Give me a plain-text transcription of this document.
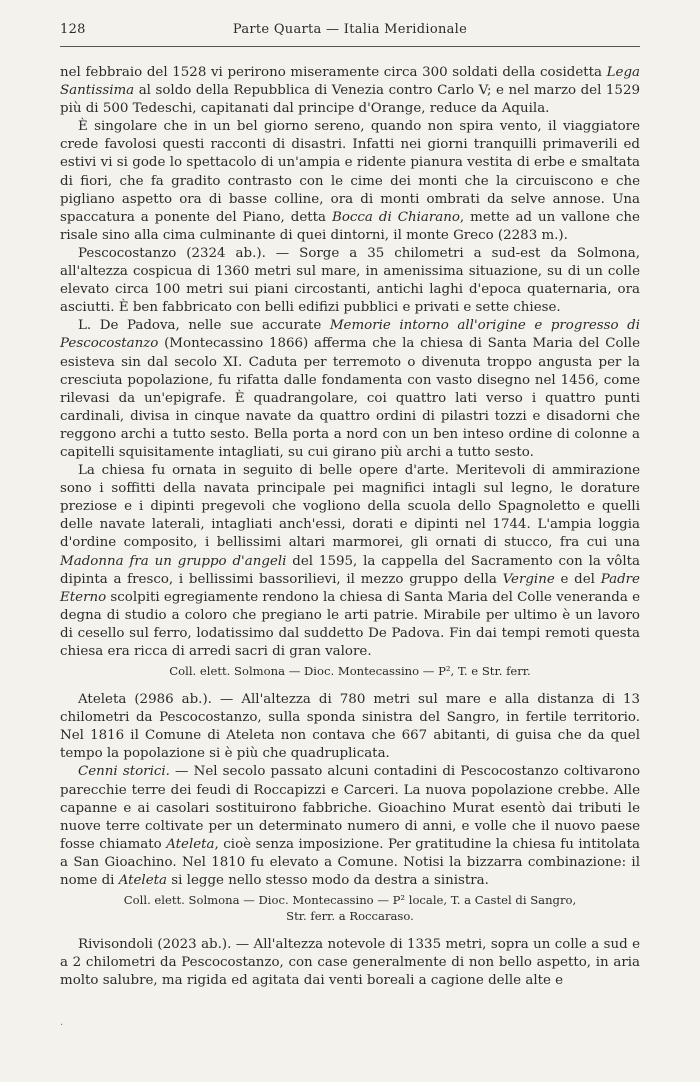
128	Parte Quarta — Italia Meridionale

nel febbraio del 1528 vi perirono miseramente circa 300 soldati della cosidetta Lega Santissima al soldo della Repubblica di Venezia contro Carlo V; e nel marzo del 1529 più di 500 Tedeschi, capitanati dal principe d'Orange, reduce da Aquila.

È singolare che in un bel giorno sereno, quando non spira vento, il viaggiatore crede favolosi questi racconti di disastri. Infatti nei giorni tranquilli primaverili ed estivi vi si gode lo spettacolo di un'ampia e ridente pianura vestita di erbe e smaltata di fiori, che fa gradito contrasto con le cime dei monti che la circuiscono e che pigliano aspetto ora di basse colline, ora di monti ombrati da selve annose. Una spaccatura a ponente del Piano, detta Bocca di Chiarano, mette ad un vallone che risale sino alla cima culminante di quei dintorni, il monte Greco (2283 m.).

Pescocostanzo (2324 ab.). — Sorge a 35 chilometri a sud-est da Solmona, all'altezza cospicua di 1360 metri sul mare, in amenissima situazione, su di un colle elevato circa 100 metri sui piani circostanti, antichi laghi d'epoca quaternaria, ora asciutti. È ben fabbricato con belli edifizi pubblici e privati e sette chiese.

L. De Padova, nelle sue accurate Memorie intorno all'origine e progresso di Pescocostanzo (Montecassino 1866) afferma che la chiesa di Santa Maria del Colle esisteva sin dal secolo XI. Caduta per terremoto o divenuta troppo angusta per la cresciuta popolazione, fu rifatta dalle fondamenta con vasto disegno nel 1456, come rilevasi da un'epigrafe. È quadrangolare, coi quattro lati verso i quattro punti cardinali, divisa in cinque navate da quattro ordini di pilastri tozzi e disadorni che reggono archi a tutto sesto. Bella porta a nord con un ben inteso ordine di colonne a capitelli squisitamente intagliati, su cui girano più archi a tutto sesto.

La chiesa fu ornata in seguito di belle opere d'arte. Meritevoli di ammirazione sono i soffitti della navata principale pei magnifici intagli sul legno, le dorature preziose e i dipinti pregevoli che vogliono della scuola dello Spagnoletto e quelli delle navate laterali, intagliati anch'essi, dorati e dipinti nel 1744. L'ampia loggia d'ordine composito, i bellissimi altari marmorei, gli ornati di stucco, fra cui una Madonna fra un gruppo d'angeli del 1595, la cappella del Sacramento con la vôlta dipinta a fresco, i bellissimi bassorilievi, il mezzo gruppo della Vergine e del Padre Eterno scolpiti egregiamente rendono la chiesa di Santa Maria del Colle veneranda e degna di studio a coloro che pregiano le arti patrie. Mirabile per ultimo è un lavoro di cesello sul ferro, lodatissimo dal suddetto De Padova. Fin dai tempi remoti questa chiesa era ricca di arredi sacri di gran valore.

Coll. elett. Solmona — Dioc. Montecassino — P², T. e Str. ferr.

Ateleta (2986 ab.). — All'altezza di 780 metri sul mare e alla distanza di 13 chilometri da Pescocostanzo, sulla sponda sinistra del Sangro, in fertile territorio. Nel 1816 il Comune di Ateleta non contava che 667 abitanti, di guisa che da quel tempo la popolazione si è più che quadruplicata.

Cenni storici. — Nel secolo passato alcuni contadini di Pescocostanzo coltivarono parecchie terre dei feudi di Roccapizzi e Carceri. La nuova popolazione crebbe. Alle capanne e ai casolari sostituirono fabbriche. Gioachino Murat esentò dai tributi le nuove terre coltivate per un determinato numero di anni, e volle che il nuovo paese fosse chiamato Ateleta, cioè senza imposizione. Per gratitudine la chiesa fu intitolata a San Gioachino. Nel 1810 fu elevato a Comune. Notisi la bizzarra combinazione: il nome di Ateleta si legge nello stesso modo da destra a sinistra.

Coll. elett. Solmona — Dioc. Montecassino — P² locale, T. a Castel di Sangro,
Str. ferr. a Roccaraso.

Rivisondoli (2023 ab.). — All'altezza notevole di 1335 metri, sopra un colle a sud e a 2 chilometri da Pescocostanzo, con case generalmente di non bello aspetto, in aria molto salubre, ma rigida ed agitata dai venti boreali a cagione delle alte e

·
